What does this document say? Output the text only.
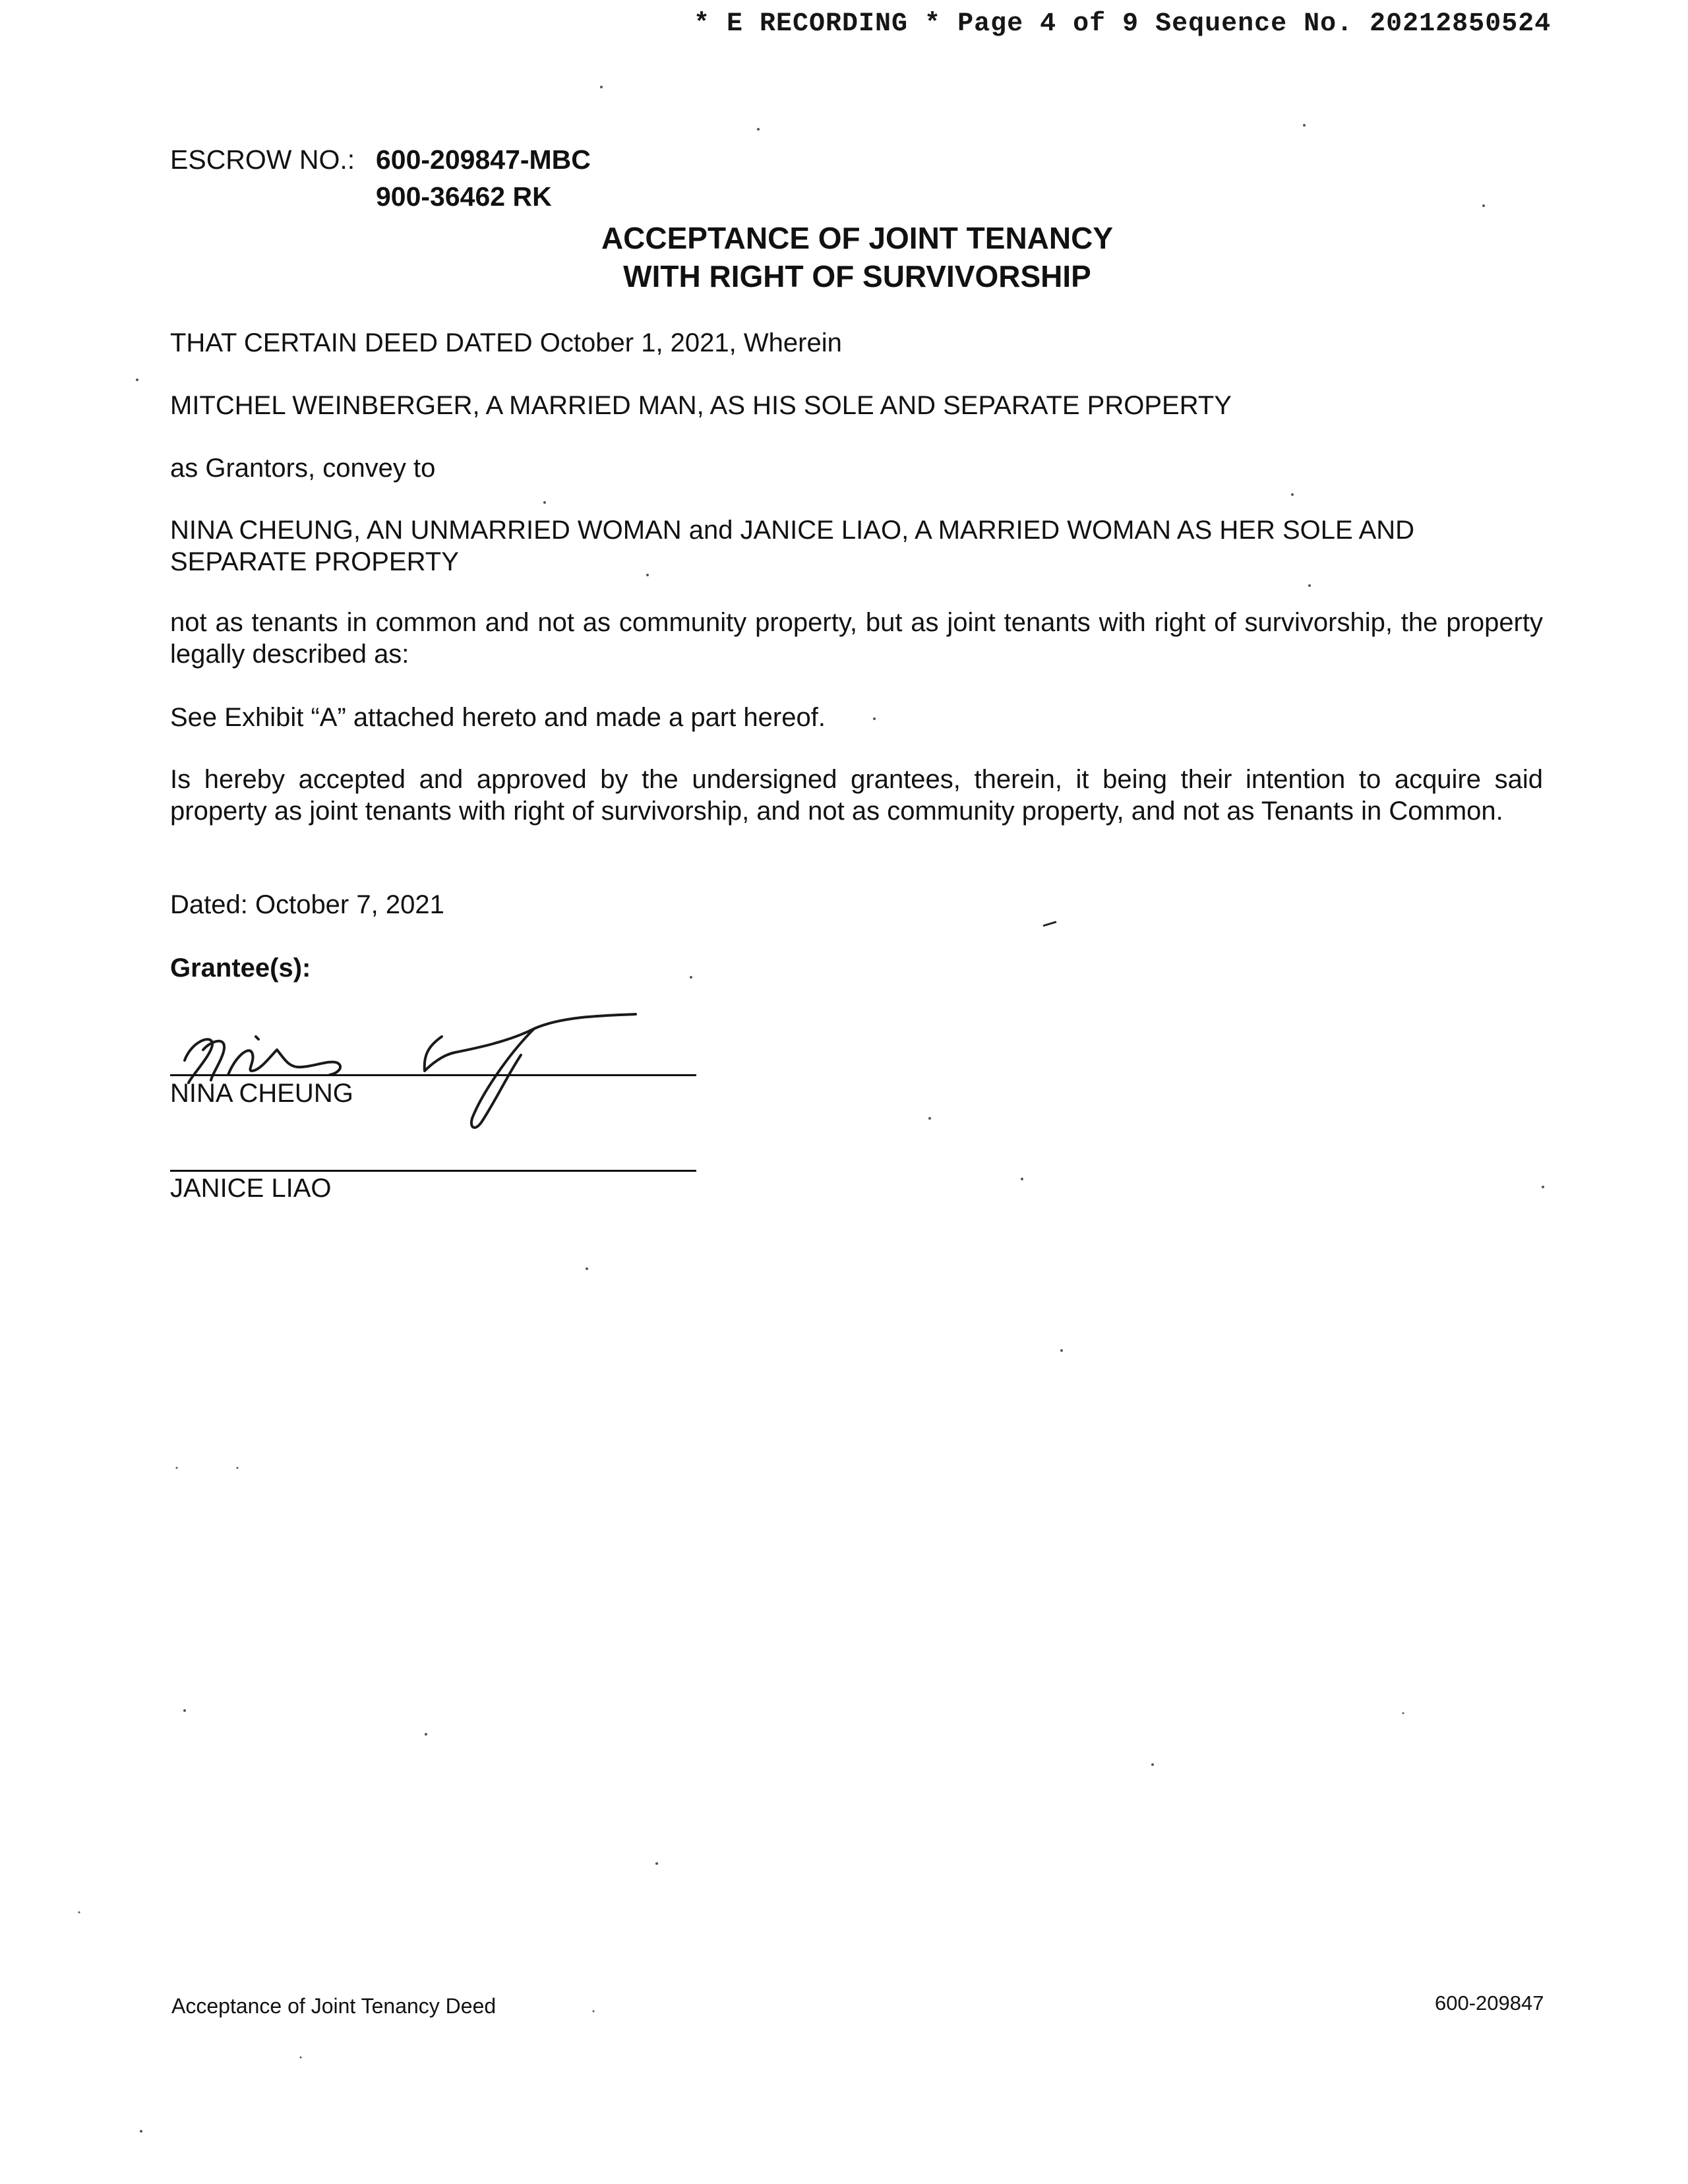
* E RECORDING * Page 4 of 9 Sequence No. 20212850524
ESCROW NO.: 600-209847-MBC
900-36462 RK
ACCEPTANCE OF JOINT TENANCY
WITH RIGHT OF SURVIVORSHIP
THAT CERTAIN DEED DATED October 1, 2021, Wherein
MITCHEL WEINBERGER, A MARRIED MAN, AS HIS SOLE AND SEPARATE PROPERTY
as Grantors, convey to
NINA CHEUNG, AN UNMARRIED WOMAN and JANICE LIAO, A MARRIED WOMAN AS HER SOLE AND
SEPARATE PROPERTY
not as tenants in common and not as community property, but as joint tenants with right of survivorship, the property legally described as:
See Exhibit “A” attached hereto and made a part hereof.
Is hereby accepted and approved by the undersigned grantees, therein, it being their intention to acquire said property as joint tenants with right of survivorship, and not as community property, and not as Tenants in Common.
Dated: October 7, 2021
Grantee(s):
NINA CHEUNG
JANICE LIAO
Acceptance of Joint Tenancy Deed	600-209847
